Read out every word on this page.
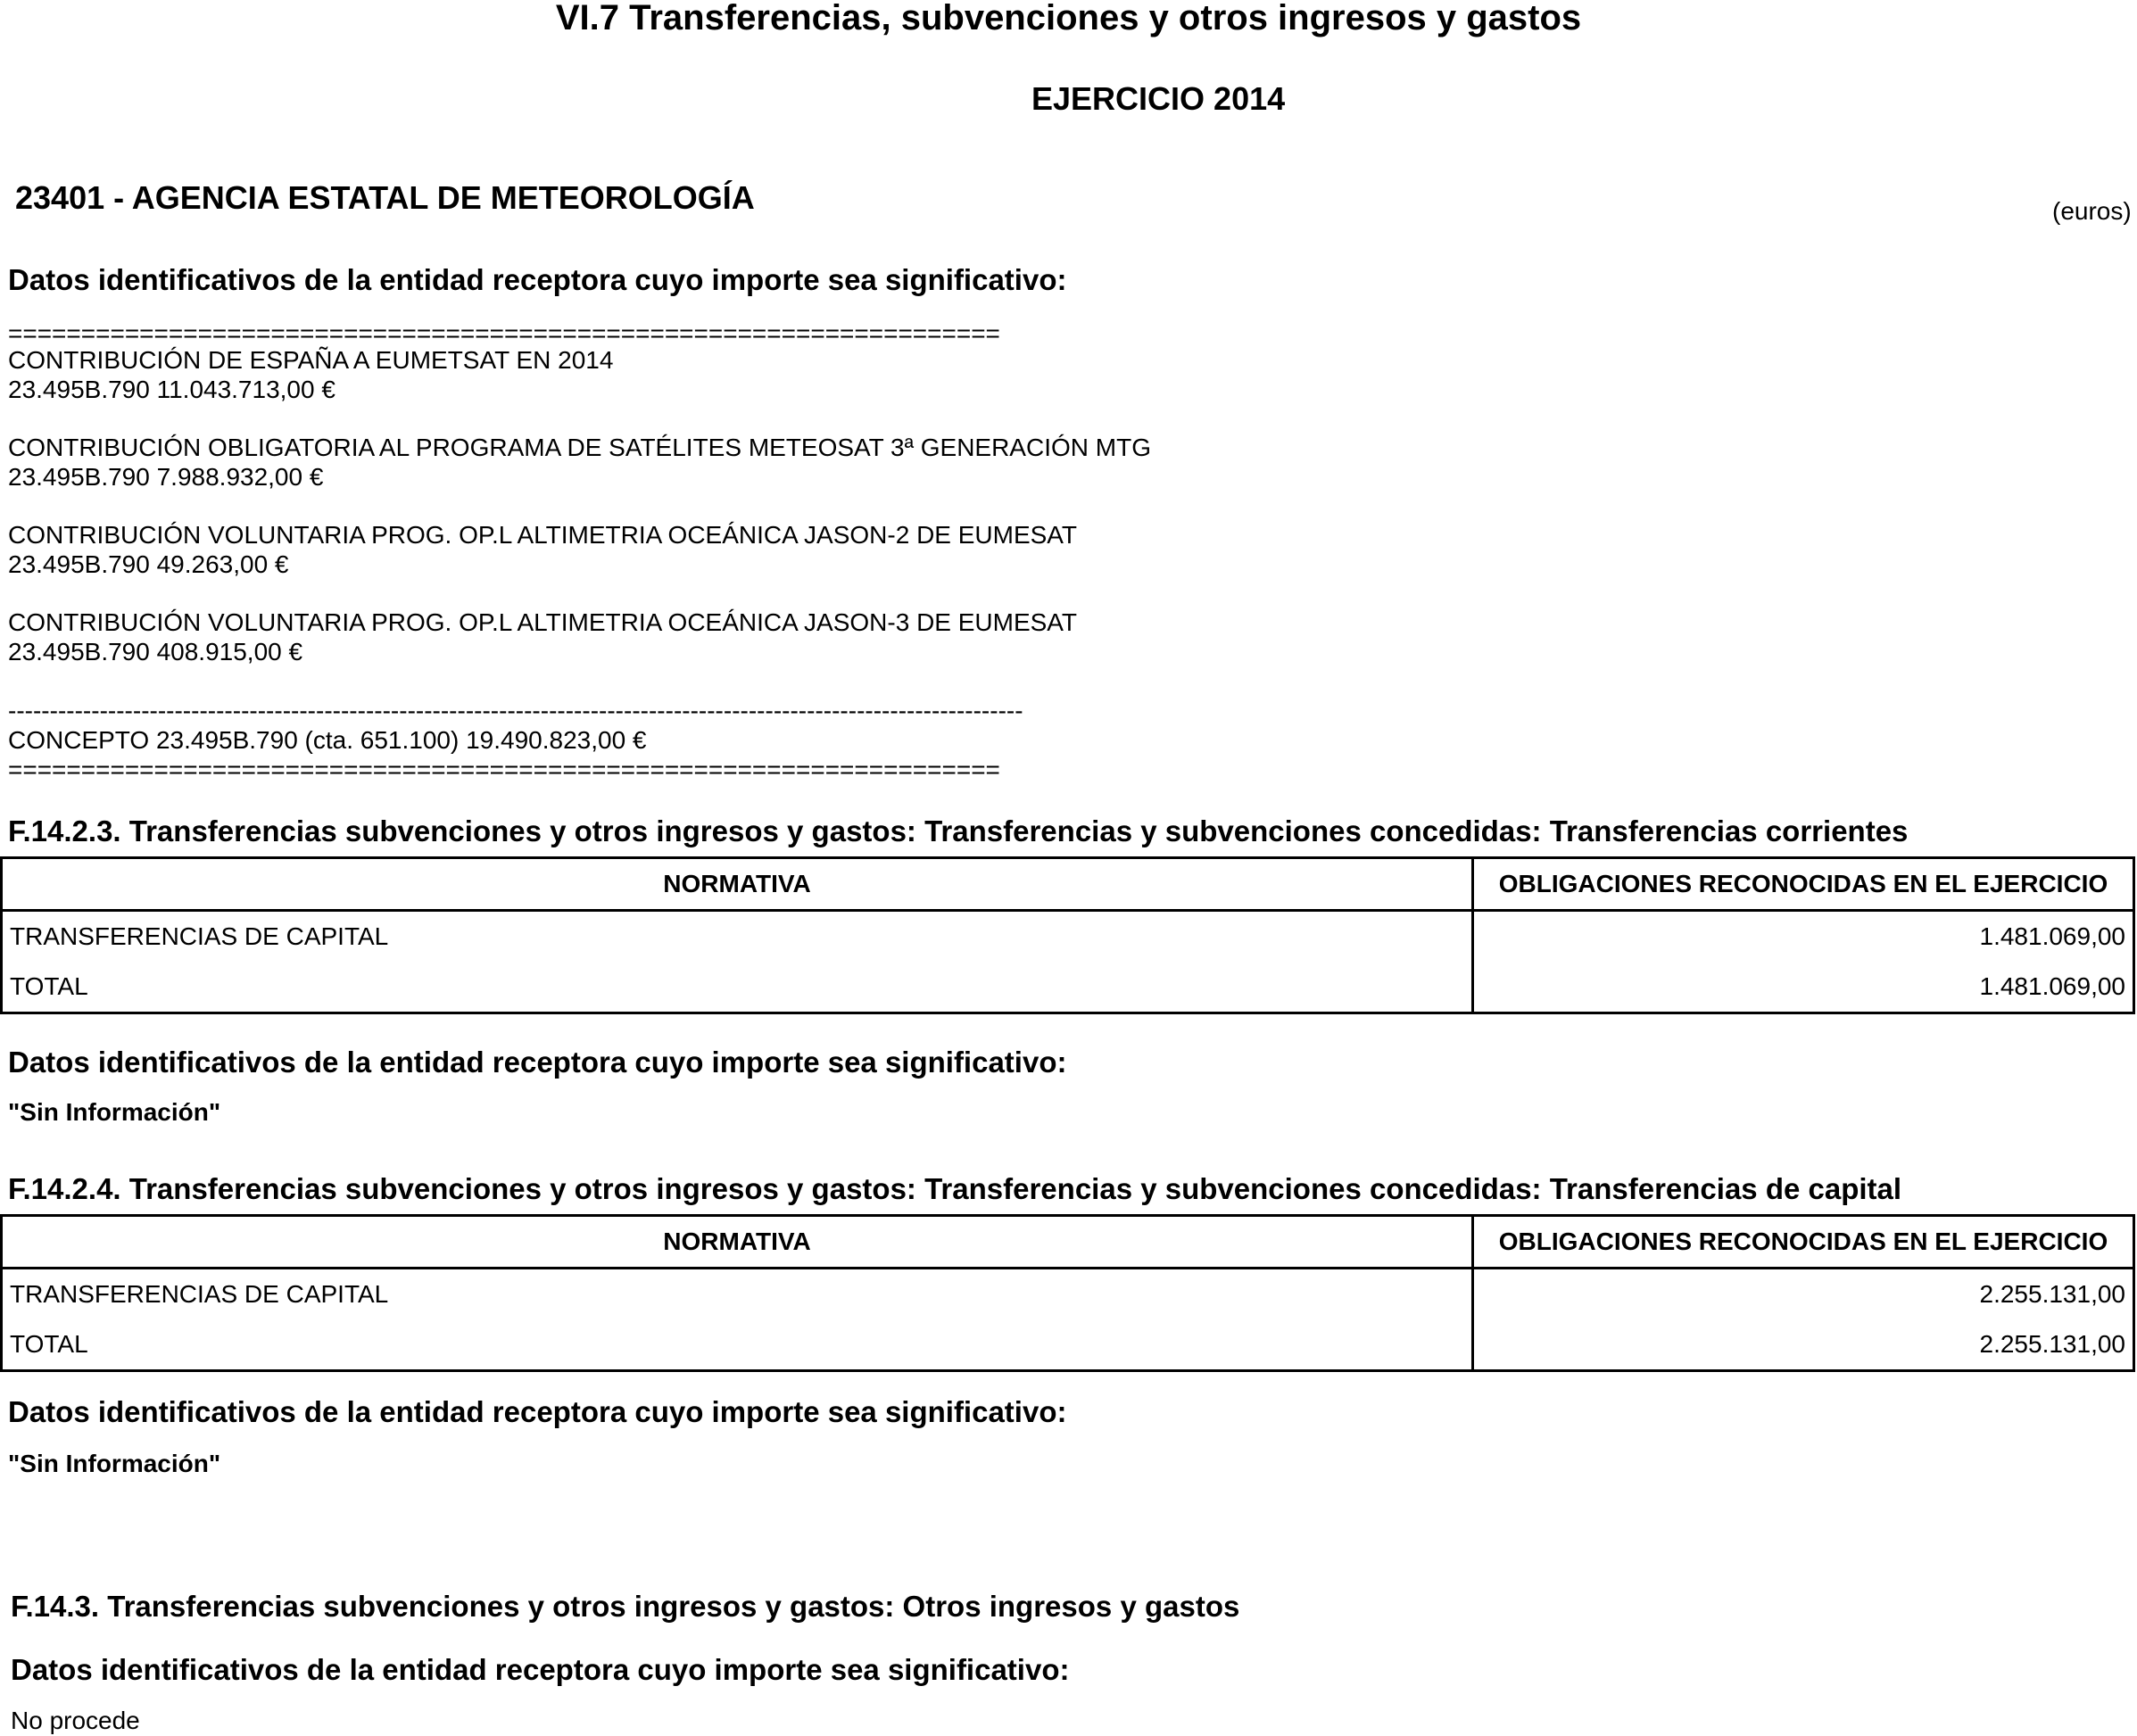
VI.7 Transferencias, subvenciones y otros ingresos y gastos
EJERCICIO 2014
23401 - AGENCIA ESTATAL DE METEOROLOGÍA	(euros)
Datos identificativos de la entidad receptora cuyo importe sea significativo:
====================================================================
CONTRIBUCIÓN DE ESPAÑA A EUMETSAT EN 2014
23.495B.790 11.043.713,00 €
CONTRIBUCIÓN OBLIGATORIA AL PROGRAMA DE SATÉLITES METEOSAT 3ª GENERACIÓN MTG
23.495B.790 7.988.932,00 €
CONTRIBUCIÓN VOLUNTARIA PROG. OP.L ALTIMETRIA OCEÁNICA JASON-2 DE EUMESAT
23.495B.790 49.263,00 €
CONTRIBUCIÓN VOLUNTARIA PROG. OP.L ALTIMETRIA OCEÁNICA JASON-3 DE EUMESAT
23.495B.790 408.915,00 €
--------------------------------------------------------------------------------------------------------------------------
CONCEPTO 23.495B.790 (cta. 651.100) 19.490.823,00 €
====================================================================
F.14.2.3. Transferencias subvenciones y otros ingresos y gastos: Transferencias y subvenciones concedidas: Transferencias corrientes
NORMATIVA	OBLIGACIONES RECONOCIDAS EN EL EJERCICIO
TRANSFERENCIAS DE CAPITAL	1.481.069,00
TOTAL	1.481.069,00
Datos identificativos de la entidad receptora cuyo importe sea significativo:
"Sin Información"
F.14.2.4. Transferencias subvenciones y otros ingresos y gastos: Transferencias y subvenciones concedidas: Transferencias de capital
NORMATIVA	OBLIGACIONES RECONOCIDAS EN EL EJERCICIO
TRANSFERENCIAS DE CAPITAL	2.255.131,00
TOTAL	2.255.131,00
Datos identificativos de la entidad receptora cuyo importe sea significativo:
"Sin Información"
F.14.3. Transferencias subvenciones y otros ingresos y gastos: Otros ingresos y gastos
Datos identificativos de la entidad receptora cuyo importe sea significativo:
No procede
